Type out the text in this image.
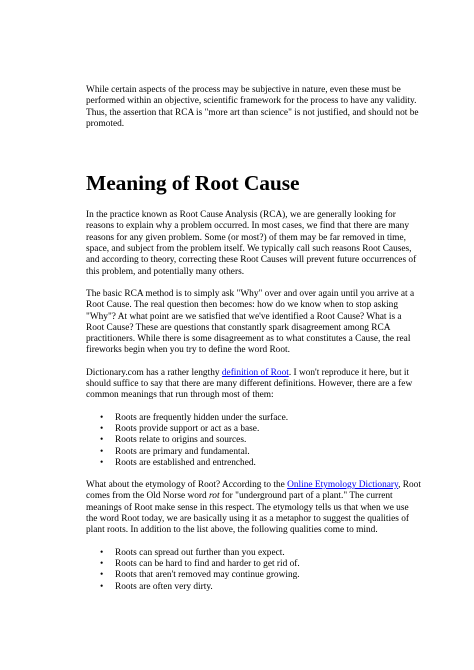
While certain aspects of the process may be subjective in nature, even these must be performed within an objective, scientific framework for the process to have any validity. Thus, the assertion that RCA is "more art than science" is not justified, and should not be promoted.

Meaning of Root Cause

In the practice known as Root Cause Analysis (RCA), we are generally looking for reasons to explain why a problem occurred. In most cases, we find that there are many reasons for any given problem. Some (or most?) of them may be far removed in time, space, and subject from the problem itself. We typically call such reasons Root Causes, and according to theory, correcting these Root Causes will prevent future occurrences of this problem, and potentially many others.

The basic RCA method is to simply ask "Why" over and over again until you arrive at a Root Cause. The real question then becomes: how do we know when to stop asking "Why"? At what point are we satisfied that we've identified a Root Cause? What is a Root Cause? These are questions that constantly spark disagreement among RCA practitioners. While there is some disagreement as to what constitutes a Cause, the real fireworks begin when you try to define the word Root.

Dictionary.com has a rather lengthy definition of Root. I won't reproduce it here, but it should suffice to say that there are many different definitions. However, there are a few common meanings that run through most of them:

• Roots are frequently hidden under the surface.
• Roots provide support or act as a base.
• Roots relate to origins and sources.
• Roots are primary and fundamental.
• Roots are established and entrenched.

What about the etymology of Root? According to the Online Etymology Dictionary, Root comes from the Old Norse word rot for "underground part of a plant." The current meanings of Root make sense in this respect. The etymology tells us that when we use the word Root today, we are basically using it as a metaphor to suggest the qualities of plant roots. In addition to the list above, the following qualities come to mind.

• Roots can spread out further than you expect.
• Roots can be hard to find and harder to get rid of.
• Roots that aren't removed may continue growing.
• Roots are often very dirty.
